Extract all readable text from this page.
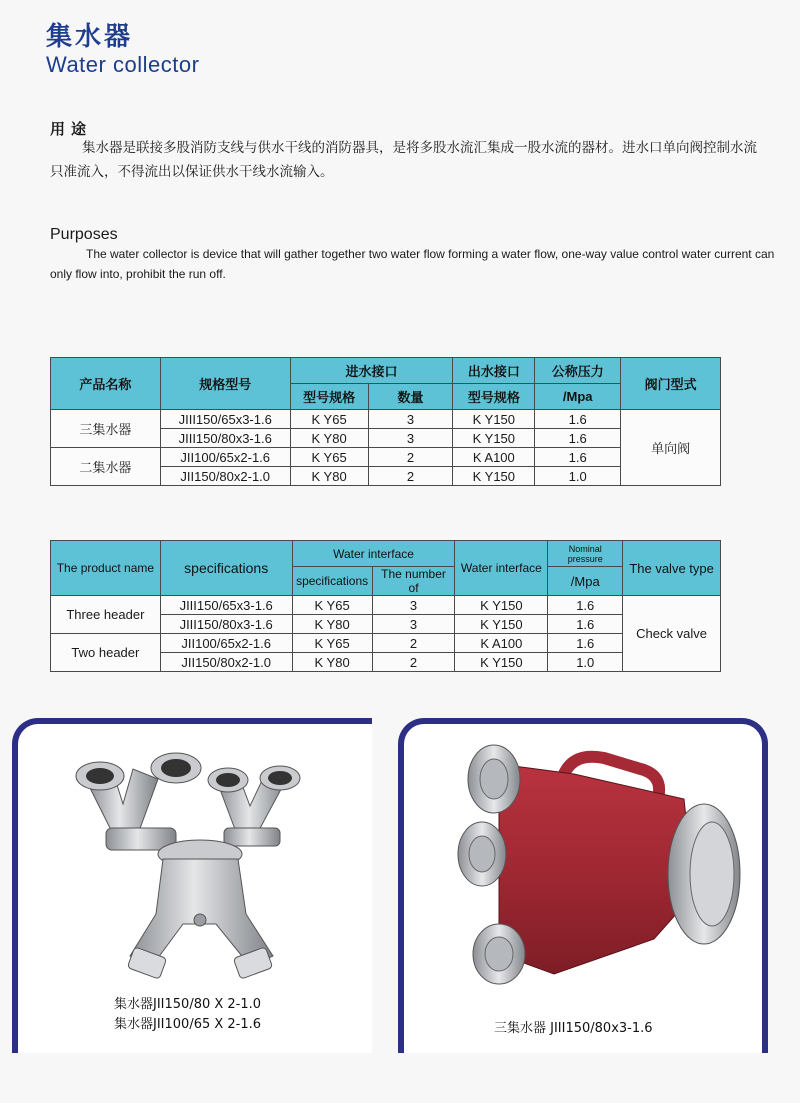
集水器
Water collector
用途
集水器是联接多股消防支线与供水干线的消防器具，是将多股水流汇集成一股水流的器材。进水口单向阀控制水流只准流入，不得流出以保证供水干线水流输入。
Purposes
The water collector is device that will gather together two water flow forming a water flow, one-way value control water current can only flow into, prohibit the run off.
产品名称	规格型号	进水接口		出水接口	公称压力	阀门型式
		型号规格	数量	型号规格	/Mpa	
三集水器	JIII150/65x3-1.6	K Y65	3	K Y150	1.6	单向阀
	JIII150/80x3-1.6	K Y80	3	K Y150	1.6	
二集水器	JII100/65x2-1.6	K Y65	2	K A100	1.6	
	JII150/80x2-1.0	K Y80	2	K Y150	1.0	
The product name	specifications	Water interface		Water interface	Nominal pressure	The valve type
		specifications	The number of		/Mpa	
Three header	JIII150/65x3-1.6	K Y65	3	K Y150	1.6	Check valve
	JIII150/80x3-1.6	K Y80	3	K Y150	1.6	
Two header	JII100/65x2-1.6	K Y65	2	K A100	1.6	
	JII150/80x2-1.0	K Y80	2	K Y150	1.0	
集水器JII150/80 X 2-1.0
集水器JII100/65 X 2-1.6	三集水器 JIII150/80x3-1.6
